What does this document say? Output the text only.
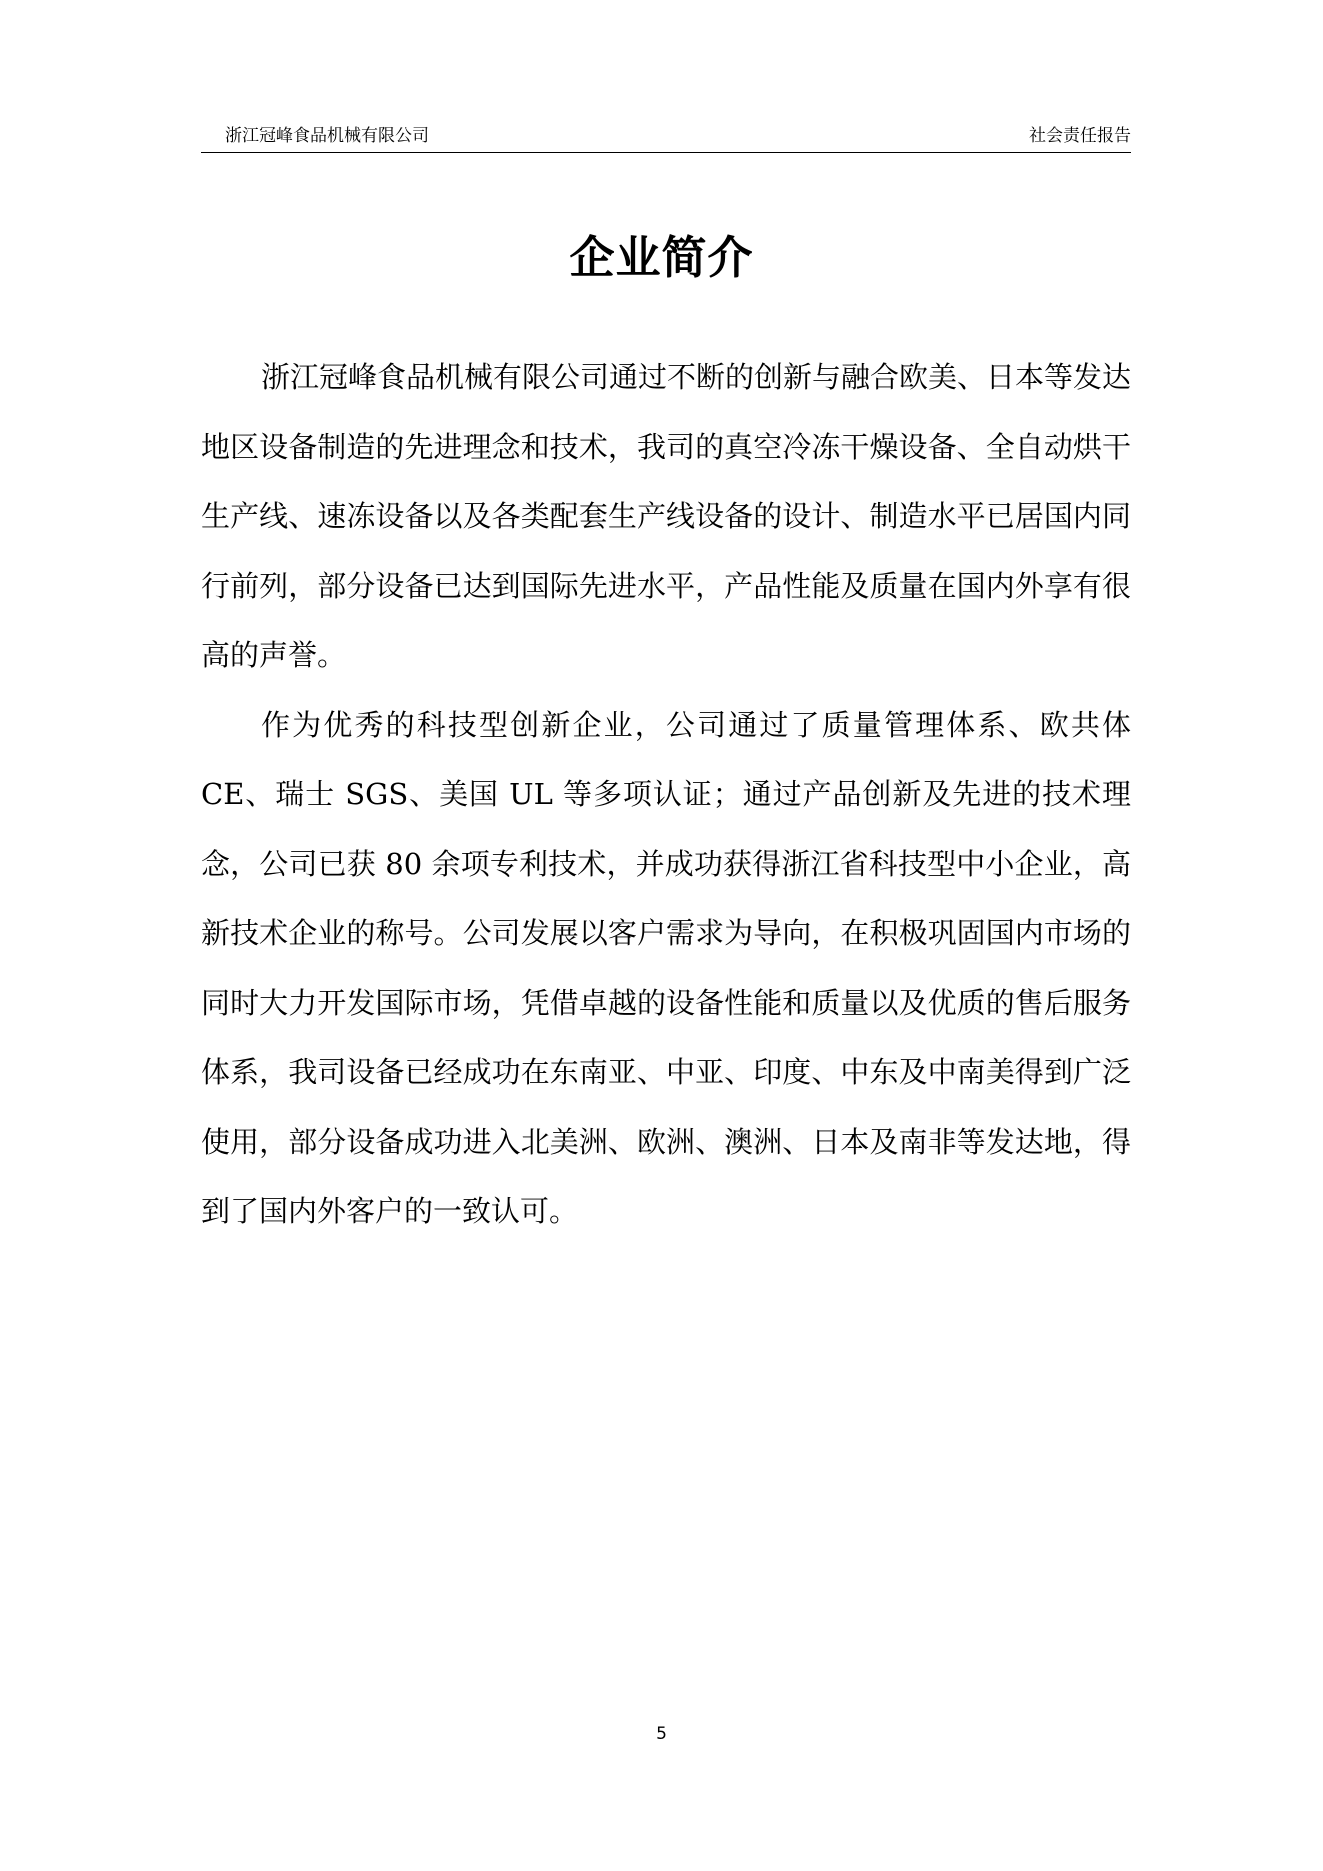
浙江冠峰食品机械有限公司	社会责任报告
企业简介

浙江冠峰食品机械有限公司通过不断的创新与融合欧美、日本等发达地区设备制造的先进理念和技术，我司的真空冷冻干燥设备、全自动烘干生产线、速冻设备以及各类配套生产线设备的设计、制造水平已居国内同行前列，部分设备已达到国际先进水平，产品性能及质量在国内外享有很高的声誉。

作为优秀的科技型创新企业，公司通过了质量管理体系、欧共体CE、瑞士 SGS、美国 UL 等多项认证；通过产品创新及先进的技术理念，公司已获 80 余项专利技术，并成功获得浙江省科技型中小企业，高新技术企业的称号。公司发展以客户需求为导向，在积极巩固国内市场的同时大力开发国际市场，凭借卓越的设备性能和质量以及优质的售后服务体系，我司设备已经成功在东南亚、中亚、印度、中东及中南美得到广泛使用，部分设备成功进入北美洲、欧洲、澳洲、日本及南非等发达地，得到了国内外客户的一致认可。

5
